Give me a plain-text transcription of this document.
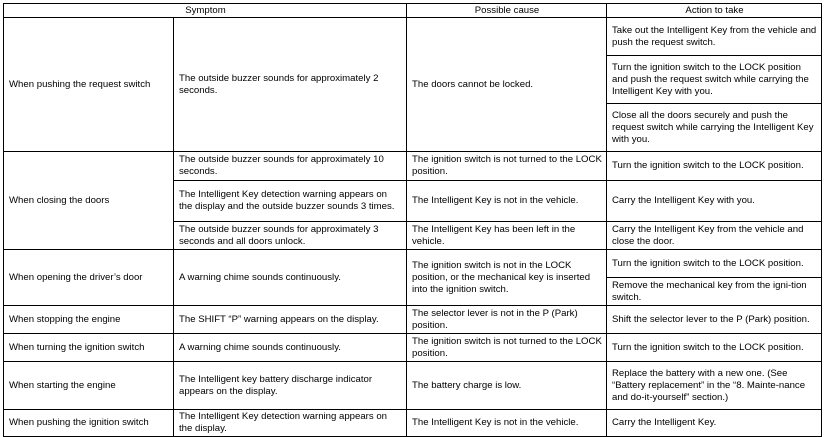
Symptom		Possible cause	Action to take
When pushing the request switch	The outside buzzer sounds for approximately 2 seconds.	The doors cannot be locked.	Take out the Intelligent Key from the vehicle and push the request switch.
			Turn the ignition switch to the LOCK position and push the request switch while carrying the Intelligent Key with you.
			Close all the doors securely and push the request switch while carrying the Intelligent Key with you.
When closing the doors	The outside buzzer sounds for approximately 10 seconds.	The ignition switch is not turned to the LOCK position.	Turn the ignition switch to the LOCK position.
	The Intelligent Key detection warning appears on the display and the outside buzzer sounds 3 times.	The Intelligent Key is not in the vehicle.	Carry the Intelligent Key with you.
	The outside buzzer sounds for approximately 3 seconds and all doors unlock.	The Intelligent Key has been left in the vehicle.	Carry the Intelligent Key from the vehicle and close the door.
When opening the driver’s door	A warning chime sounds continuously.	The ignition switch is not in the LOCK position, or the mechanical key is inserted into the ignition switch.	Turn the ignition switch to the LOCK position.
			Remove the mechanical key from the igni-tion switch.
When stopping the engine	The SHIFT “P” warning appears on the display.	The selector lever is not in the P (Park) position.	Shift the selector lever to the P (Park) position.
When turning the ignition switch	A warning chime sounds continuously.	The ignition switch is not turned to the LOCK position.	Turn the ignition switch to the LOCK position.
When starting the engine	The Intelligent key battery discharge indicator appears on the display.	The battery charge is low.	Replace the battery with a new one. (See “Battery replacement” in the “8. Mainte-nance and do-it-yourself” section.)
When pushing the ignition switch	The Intelligent Key detection warning appears on the display.	The Intelligent Key is not in the vehicle.	Carry the Intelligent Key.
